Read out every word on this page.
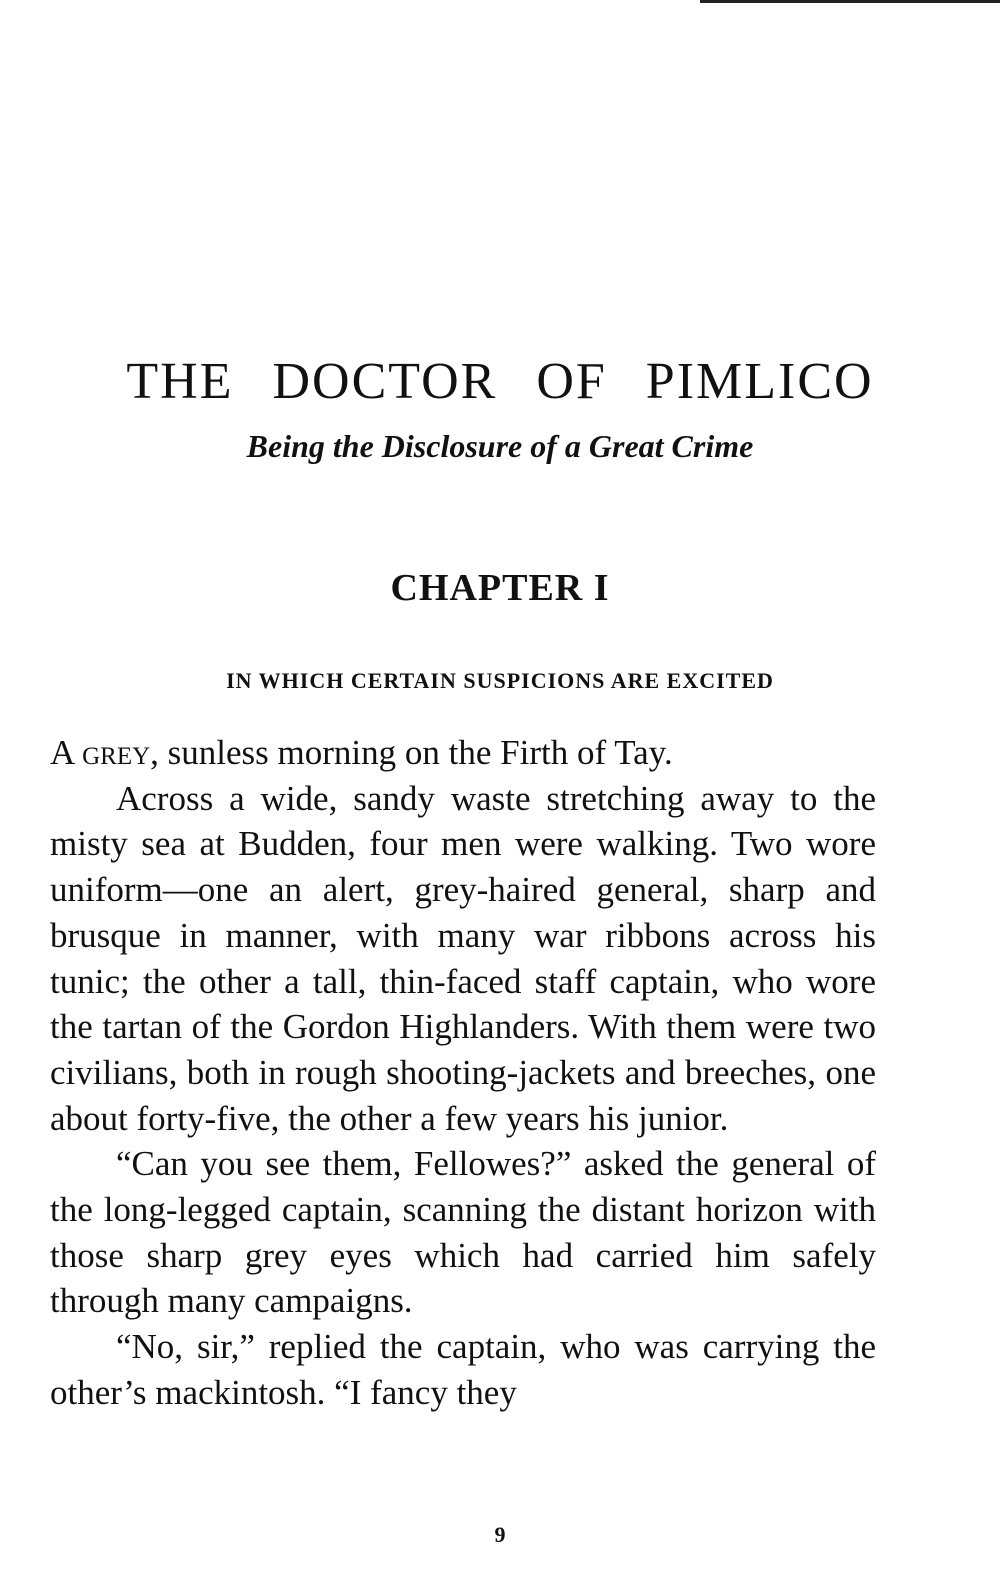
THE DOCTOR OF PIMLICO
Being the Disclosure of a Great Crime
CHAPTER I
IN WHICH CERTAIN SUSPICIONS ARE EXCITED

A grey, sunless morning on the Firth of Tay.

Across a wide, sandy waste stretching away to the misty sea at Budden, four men were walking. Two wore uniform—one an alert, grey-haired general, sharp and brusque in manner, with many war ribbons across his tunic; the other a tall, thin-faced staff captain, who wore the tartan of the Gordon Highlanders. With them were two civilians, both in rough shooting-jackets and breeches, one about forty-five, the other a few years his junior.

“Can you see them, Fellowes?” asked the general of the long-legged captain, scanning the distant horizon with those sharp grey eyes which had carried him safely through many campaigns.

“No, sir,” replied the captain, who was carrying the other’s mackintosh. “I fancy they

9
